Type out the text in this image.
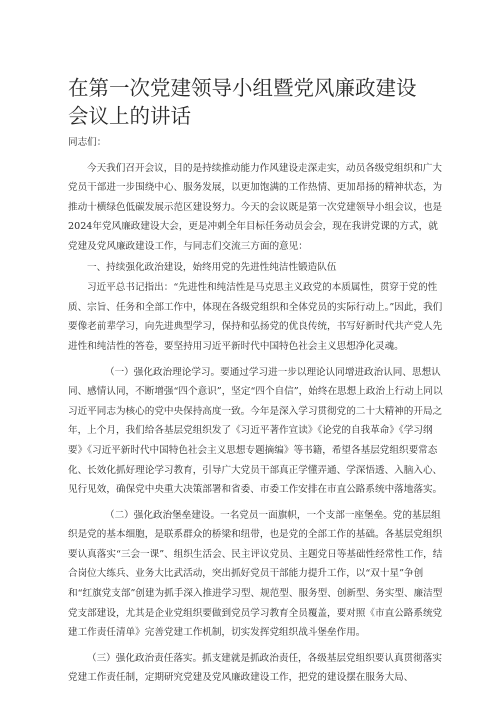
在第一次党建领导小组暨党风廉政建设会议上的讲话

同志们：

今天我们召开会议，目的是持续推动能力作风建设走深走实，动员各级党组织和广大党员干部进一步围绕中心、服务发展，以更加饱满的工作热情、更加昂扬的精神状态，为推动十横绿色低碳发展示范区建设努力。今天的会议既是第一次党建领导小组会议，也是2024年党风廉政建设大会，更是冲刺全年目标任务动员会会，现在我讲党课的方式，就党建及党风廉政建设工作，与同志们交流三方面的意见：

一、持续强化政治建设，始终用党的先进性纯洁性锻造队伍

习近平总书记指出：“先进性和纯洁性是马克思主义政党的本质属性，贯穿于党的性质、宗旨、任务和全部工作中，体现在各级党组织和全体党员的实际行动上。”因此，我们要像老前辈学习，向先进典型学习，保持和弘扬党的优良传统，书写好新时代共产党人先进性和纯洁性的答卷，要坚持用习近平新时代中国特色社会主义思想净化灵魂。

（一）强化政治理论学习。要通过学习进一步以理论认同增进政治认同、思想认同、感情认同，不断增强“四个意识”，坚定“四个自信”，始终在思想上政治上行动上同以习近平同志为核心的党中央保持高度一致。今年是深入学习贯彻党的二十大精神的开局之年，上个月，我们给各基层党组织发了《习近平著作宣读》《论党的自我革命》《学习纲要》《习近平新时代中国特色社会主义思想专题摘编》等书籍，希望各基层党组织要常态化、长效化抓好理论学习教育，引导广大党员干部真正学懂弄通、学深悟透、入脑入心、见行见效，确保党中央重大决策部署和省委、市委工作安排在市直公路系统中落地落实。

（二）强化政治堡垒建设。一名党员一面旗帜，一个支部一座堡垒。党的基层组织是党的基本细胞，是联系群众的桥梁和纽带，也是党的全部工作的基础。各基层党组织要认真落实“三会一课”、组织生活会、民主评议党员、主题党日等基础性经常性工作，结合岗位大练兵、业务大比武活动，突出抓好党员干部能力提升工作，以“双十星”争创和“红旗党支部”创建为抓手深入推进学习型、规范型、服务型、创新型、务实型、廉洁型党支部建设，尤其是企业党组织要做到党员学习教育全员覆盖，要对照《市直公路系统党建工作责任清单》完善党建工作机制，切实发挥党组织战斗堡垒作用。

（三）强化政治责任落实。抓支建就是抓政治责任，各级基层党组织要认真贯彻落实党建工作责任制，定期研究党建及党风廉政建设工作，把党的建设摆在服务大局、
